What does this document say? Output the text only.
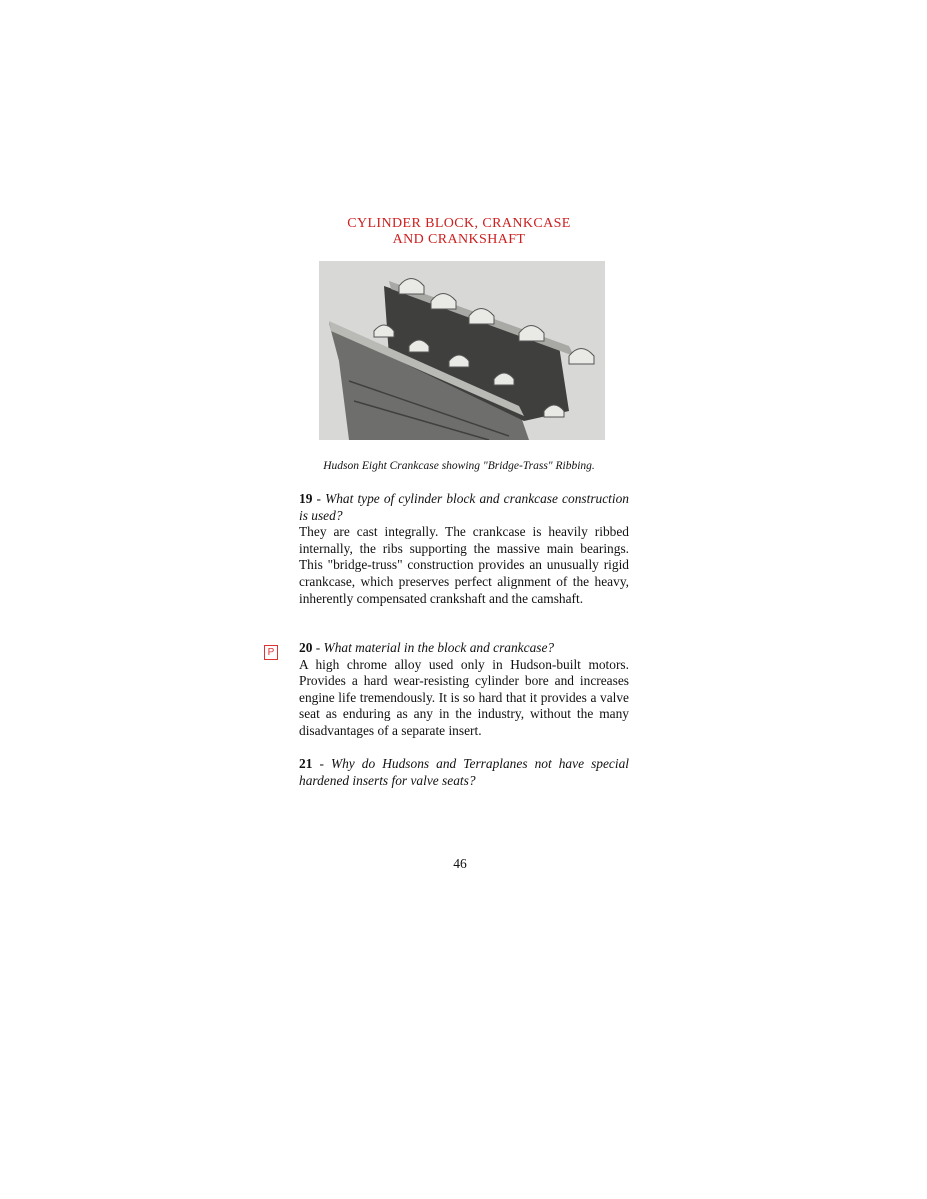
CYLINDER BLOCK, CRANKCASE
AND CRANKSHAFT
Hudson Eight Crankcase showing "Bridge-Trass" Ribbing.

19 - What type of cylinder block and crankcase construction is used?

They are cast integrally. The crankcase is heavily ribbed internally, the ribs supporting the massive main bearings. This "bridge-truss" construction provides an unusually rigid crankcase, which preserves perfect alignment of the heavy, inherently compensated crankshaft and the camshaft.

P 20 - What material in the block and crankcase?

A high chrome alloy used only in Hudson-built motors. Provides a hard wear-resisting cylinder bore and increases engine life tremendously. It is so hard that it provides a valve seat as enduring as any in the industry, without the many disadvantages of a separate insert.

21 - Why do Hudsons and Terraplanes not have special hardened inserts for valve seats?

46
